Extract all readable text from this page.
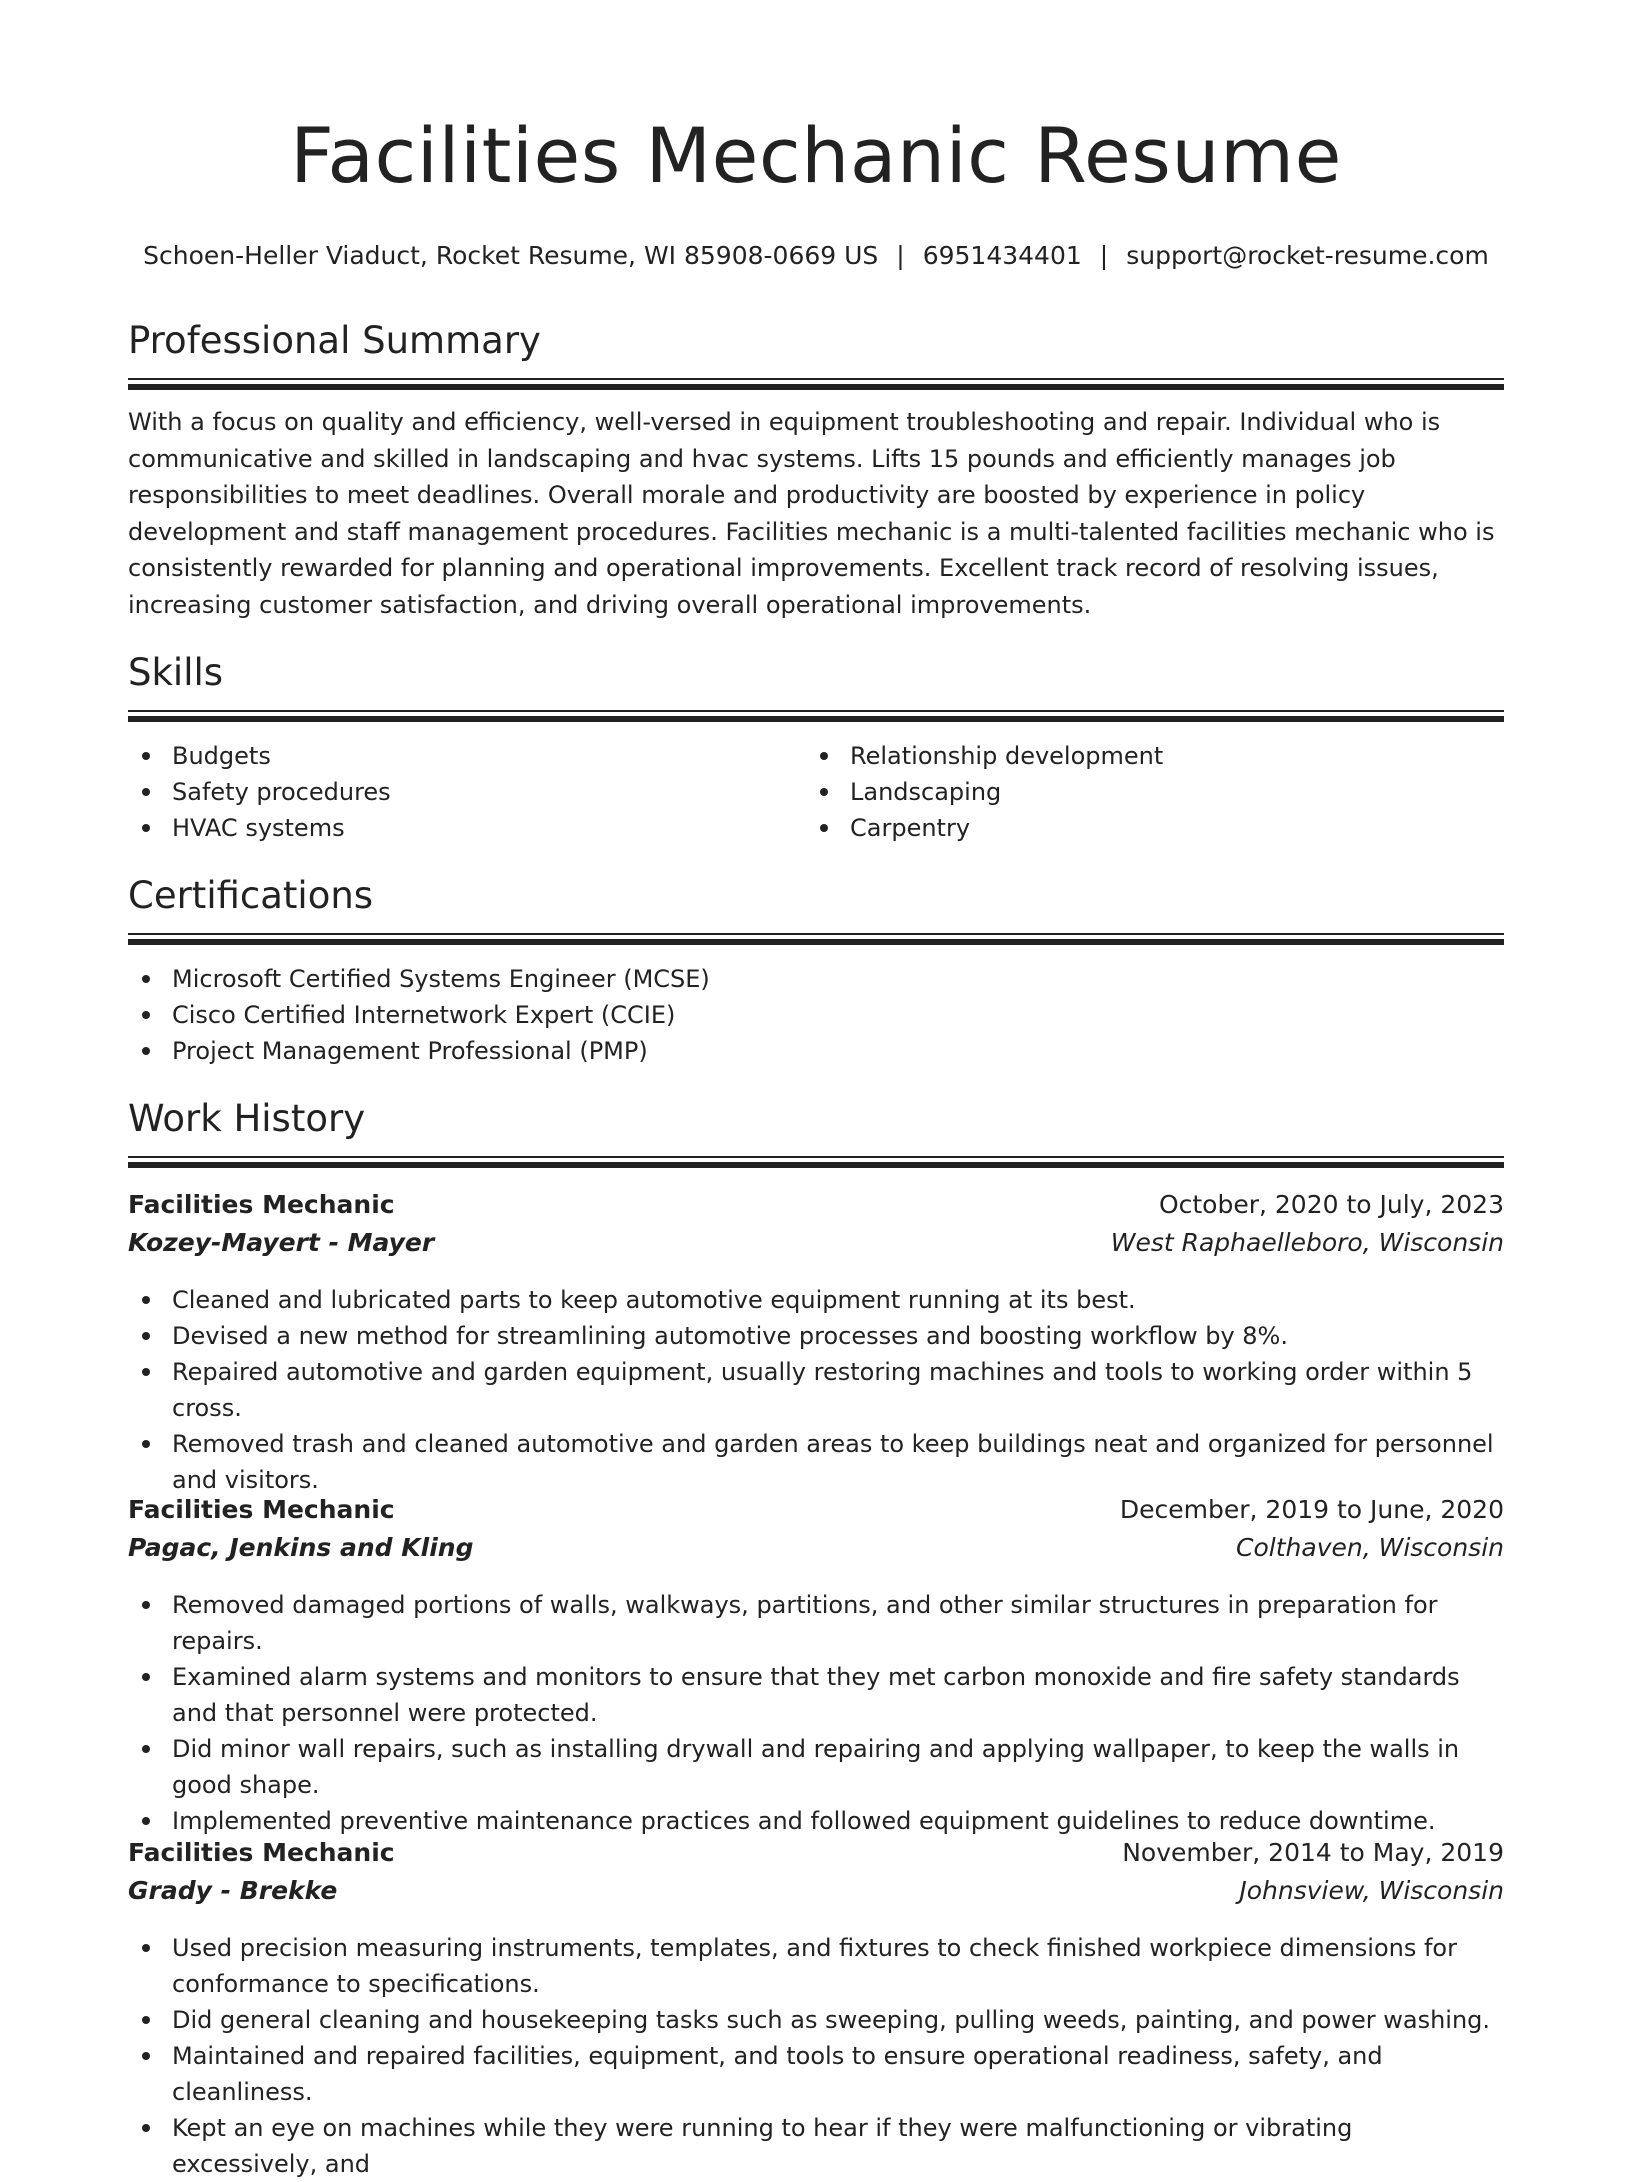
Facilities Mechanic Resume
Schoen-Heller Viaduct, Rocket Resume, WI 85908-0669 US | 6951434401 | support@rocket-resume.com
Professional Summary

With a focus on quality and efficiency, well-versed in equipment troubleshooting and repair. Individual who is communicative and skilled in landscaping and hvac systems. Lifts 15 pounds and efficiently manages job responsibilities to meet deadlines. Overall morale and productivity are boosted by experience in policy development and staff management procedures. Facilities mechanic is a multi-talented facilities mechanic who is consistently rewarded for planning and operational improvements. Excellent track record of resolving issues, increasing customer satisfaction, and driving overall operational improvements.

Skills
Budgets
Safety procedures
HVAC systems
Relationship development
Landscaping
Carpentry
Certifications
Microsoft Certified Systems Engineer (MCSE)
Cisco Certified Internetwork Expert (CCIE)
Project Management Professional (PMP)
Work History
Facilities Mechanic	October, 2020 to July, 2023
Kozey-Mayert - Mayer	West Raphaelleboro, Wisconsin
Cleaned and lubricated parts to keep automotive equipment running at its best.
Devised a new method for streamlining automotive processes and boosting workflow by 8%.
Repaired automotive and garden equipment, usually restoring machines and tools to working order within 5 cross.
Removed trash and cleaned automotive and garden areas to keep buildings neat and organized for personnel and visitors.
Facilities Mechanic	December, 2019 to June, 2020
Pagac, Jenkins and Kling	Colthaven, Wisconsin
Removed damaged portions of walls, walkways, partitions, and other similar structures in preparation for repairs.
Examined alarm systems and monitors to ensure that they met carbon monoxide and fire safety standards and that personnel were protected.
Did minor wall repairs, such as installing drywall and repairing and applying wallpaper, to keep the walls in good shape.
Implemented preventive maintenance practices and followed equipment guidelines to reduce downtime.
Facilities Mechanic	November, 2014 to May, 2019
Grady - Brekke	Johnsview, Wisconsin
Used precision measuring instruments, templates, and fixtures to check finished workpiece dimensions for conformance to specifications.
Did general cleaning and housekeeping tasks such as sweeping, pulling weeds, painting, and power washing.
Maintained and repaired facilities, equipment, and tools to ensure operational readiness, safety, and cleanliness.
Kept an eye on machines while they were running to hear if they were malfunctioning or vibrating excessively, and
